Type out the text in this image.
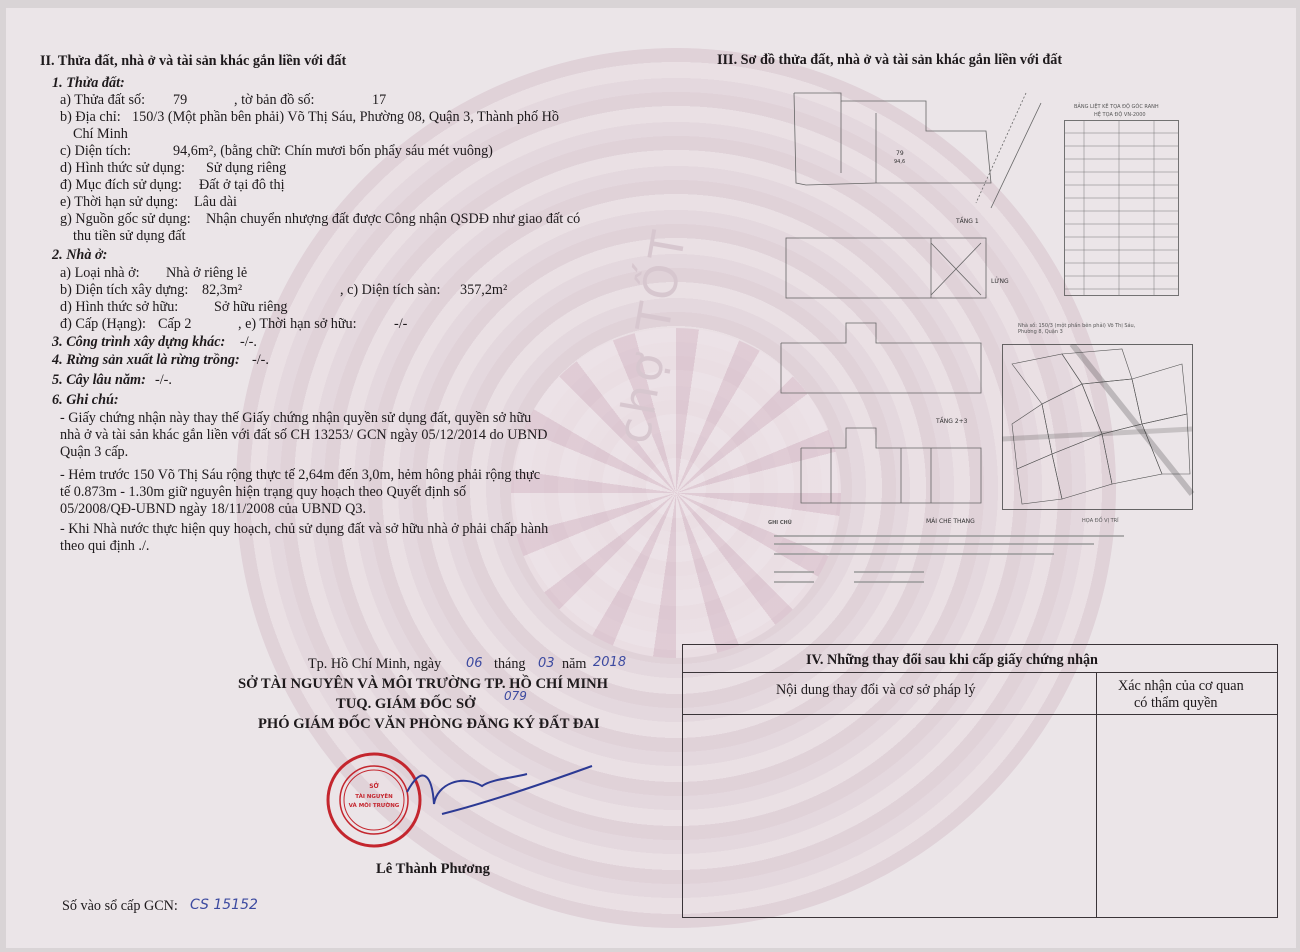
chợ TỐT
II. Thửa đất, nhà ở và tài sản khác gắn liền với đất
1. Thửa đất:
a) Thửa đất số: 79	, tờ bản đồ số:	17
b) Địa chỉ: 150/3 (Một phần bên phải) Võ Thị Sáu, Phường 08, Quận 3, Thành phố Hồ
Chí Minh
c) Diện tích:	94,6m², (bằng chữ: Chín mươi bốn phẩy sáu mét vuông)
d) Hình thức sử dụng: Sử dụng riêng
đ) Mục đích sử dụng: Đất ở tại đô thị
e) Thời hạn sử dụng: Lâu dài
g) Nguồn gốc sử dụng: Nhận chuyển nhượng đất được Công nhận QSDĐ như giao đất có
thu tiền sử dụng đất
2. Nhà ở:
a) Loại nhà ở: Nhà ở riêng lẻ
b) Diện tích xây dựng: 82,3m²	, c) Diện tích sàn: 357,2m²
d) Hình thức sở hữu:	Sở hữu riêng
đ) Cấp (Hạng): Cấp 2	, e) Thời hạn sở hữu:	-/-
3. Công trình xây dựng khác: -/-.
4. Rừng sản xuất là rừng trồng: -/-.
5. Cây lâu năm: -/-.
6. Ghi chú:
- Giấy chứng nhận này thay thế Giấy chứng nhận quyền sử dụng đất, quyền sở hữu
nhà ở và tài sản khác gắn liền với đất số CH 13253/ GCN ngày 05/12/2014 do UBND
Quận 3 cấp.
- Hẻm trước 150 Võ Thị Sáu rộng thực tế 2,64m đến 3,0m, hẻm hông phải rộng thực
tế 0.873m - 1.30m giữ nguyên hiện trạng quy hoạch theo Quyết định số
05/2008/QĐ-UBND ngày 18/11/2008 của UBND Q3.
- Khi Nhà nước thực hiện quy hoạch, chủ sử dụng đất và sở hữu nhà ở phải chấp hành
theo qui định ./.
III. Sơ đồ thửa đất, nhà ở và tài sản khác gắn liền với đất
TẦNG 1
LỬNG
TẦNG 2+3
MÁI CHE THANG
79
94,6
BẢNG LIỆT KÊ TỌA ĐỘ GÓC RANH
HỆ TỌA ĐỘ VN-2000
Nhà số: 150/3 (một phần bên phải) Võ Thị Sáu, Phường 8, Quận 3
HỌA ĐỒ VỊ TRÍ
GHI CHÚ
Tp. Hồ Chí Minh, ngày 06 tháng 03 năm 2018
SỞ TÀI NGUYÊN VÀ MÔI TRƯỜNG TP. HỒ CHÍ MINH
TUQ. GIÁM ĐỐC SỞ 079
PHÓ GIÁM ĐỐC VĂN PHÒNG ĐĂNG KÝ ĐẤT ĐAI
SỞ
TÀI NGUYÊN
VÀ MÔI TRƯỜNG
Lê Thành Phương
Số vào sổ cấp GCN: CS 15152
IV. Những thay đổi sau khi cấp giấy chứng nhận
Nội dung thay đổi và cơ sở pháp lý	Xác nhận của cơ quan
có thẩm quyền
